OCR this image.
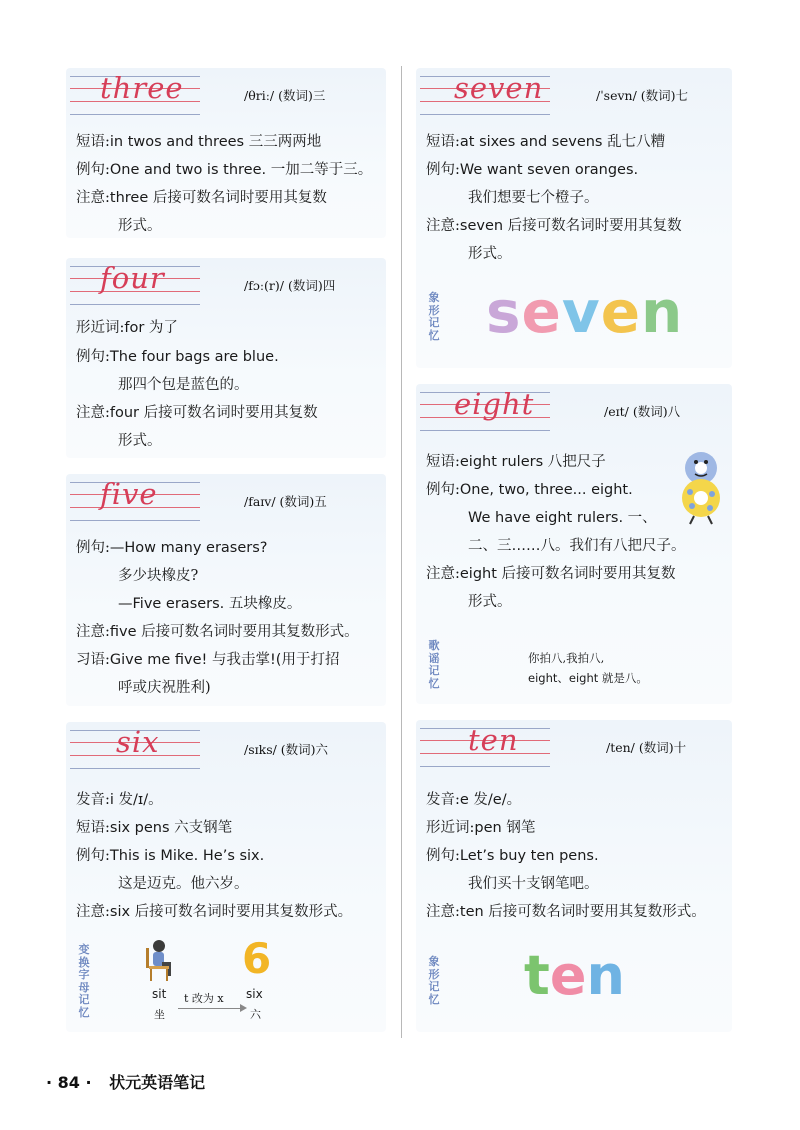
three	/θriː/ (数词)三
短语:in twos and threes 三三两两地
例句:One and two is three. 一加二等于三。
注意:three 后接可数名词时要用其复数
形式。
four	/fɔː(r)/ (数词)四
形近词:for 为了
例句:The four bags are blue.
那四个包是蓝色的。
注意:four 后接可数名词时要用其复数
形式。
five	/faɪv/ (数词)五
例句:—How many erasers?
多少块橡皮?
—Five erasers. 五块橡皮。
注意:five 后接可数名词时要用其复数形式。
习语:Give me five! 与我击掌!(用于打招
呼或庆祝胜利)
six	/sɪks/ (数词)六
发音:i 发/ɪ/。
短语:six pens 六支钢笔
例句:This is Mike. He’s six.
这是迈克。他六岁。
注意:six 后接可数名词时要用其复数形式。
变换字母记忆
6
sit
坐
t 改为 x six
六
seven	/ˈsevn/ (数词)七
短语:at sixes and sevens 乱七八糟
例句:We want seven oranges.
我们想要七个橙子。
注意:seven 后接可数名词时要用其复数
形式。
象形记忆 seven
eight	/eɪt/ (数词)八
短语:eight rulers 八把尺子
例句:One, two, three... eight.
We have eight rulers. 一、
二、三……八。我们有八把尺子。
注意:eight 后接可数名词时要用其复数
形式。
歌谣记忆
你拍八,我拍八,
eight、eight 就是八。
ten	/ten/ (数词)十
发音:e 发/e/。
形近词:pen 钢笔
例句:Let’s buy ten pens.
我们买十支钢笔吧。
注意:ten 后接可数名词时要用其复数形式。
象形记忆 ten
· 84 · 状元英语笔记
